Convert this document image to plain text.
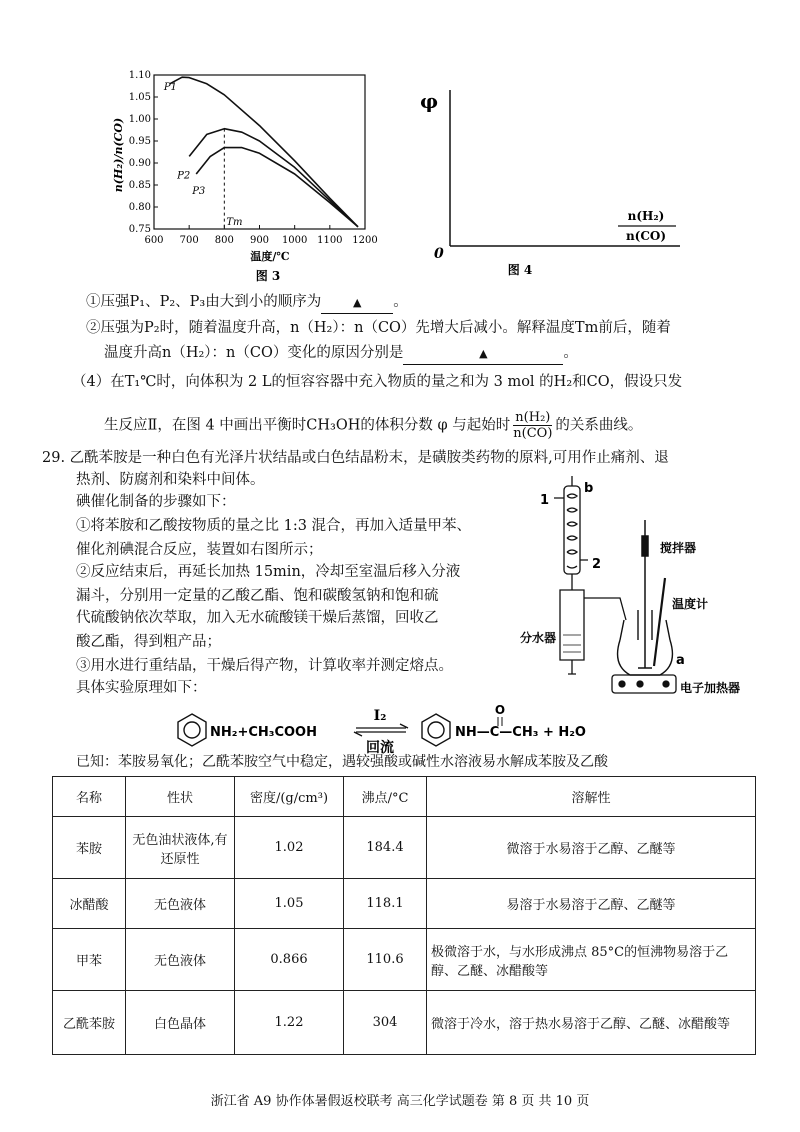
600 700 800 900 1000 1100 1200
0.75
0.80
0.85
0.90
0.95
1.00
1.05
1.10
P1
P2
P3
Tm
温度/℃
n(H₂)/n(CO)
图 3
φ
0
n(H₂)
n(CO)
图 4
①压强P₁、P₂、P₃由大到小的顺序为	▲ 。
②压强为P₂时，随着温度升高，n（H₂）：n（CO）先增大后减小。解释温度Tm前后，随着
温度升高n（H₂）：n（CO）变化的原因分别是	▲	。
（4）在T₁℃时，向体积为 2 L的恒容容器中充入物质的量之和为 3 mol 的H₂和CO，假设只发
生反应Ⅱ，在图 4 中画出平衡时CH₃OH的体积分数 φ 与起始时 $\frac{\text{n(H₂)}}{n(CO)}$ 的关系曲线。
29. 乙酰苯胺是一种白色有光泽片状结晶或白色结晶粉末，是磺胺类药物的原料,可用作止痛剂、退
热剂、防腐剂和染料中间体。
碘催化制备的步骤如下：
①将苯胺和乙酸按物质的量之比 1:3 混合，再加入适量甲苯、
催化剂碘混合反应，装置如右图所示；
②反应结束后，再延长加热 15min，冷却至室温后移入分液
漏斗，分别用一定量的乙酸乙酯、饱和碳酸氢钠和饱和硫
代硫酸钠依次萃取，加入无水硫酸镁干燥后蒸馏，回收乙
酸乙酯，得到粗产品；
③用水进行重结晶，干燥后得产物，计算收率并测定熔点。
具体实验原理如下：
1
b
2
搅拌器
温度计
分水器
a
电子加热器
NH₂+CH₃COOH
I₂
回流
O
NH—C—CH₃ + H₂O
已知：苯胺易氧化；乙酰苯胺空气中稳定，遇较强酸或碱性水溶液易水解成苯胺及乙酸
名称	性状	密度/(g/cm³)	沸点/°C	溶解性
苯胺	无色油状液体,有还原性	1.02	184.4	微溶于水易溶于乙醇、乙醚等
冰醋酸	无色液体	1.05	118.1	易溶于水易溶于乙醇、乙醚等
甲苯	无色液体	0.866	110.6	极微溶于水，与水形成沸点 85°C的恒沸物易溶于乙醇、乙醚、冰醋酸等
乙酰苯胺	白色晶体	1.22	304	微溶于冷水，溶于热水易溶于乙醇、乙醚、冰醋酸等
浙江省 A9 协作体暑假返校联考 高三化学试题卷 第 8 页 共 10 页
